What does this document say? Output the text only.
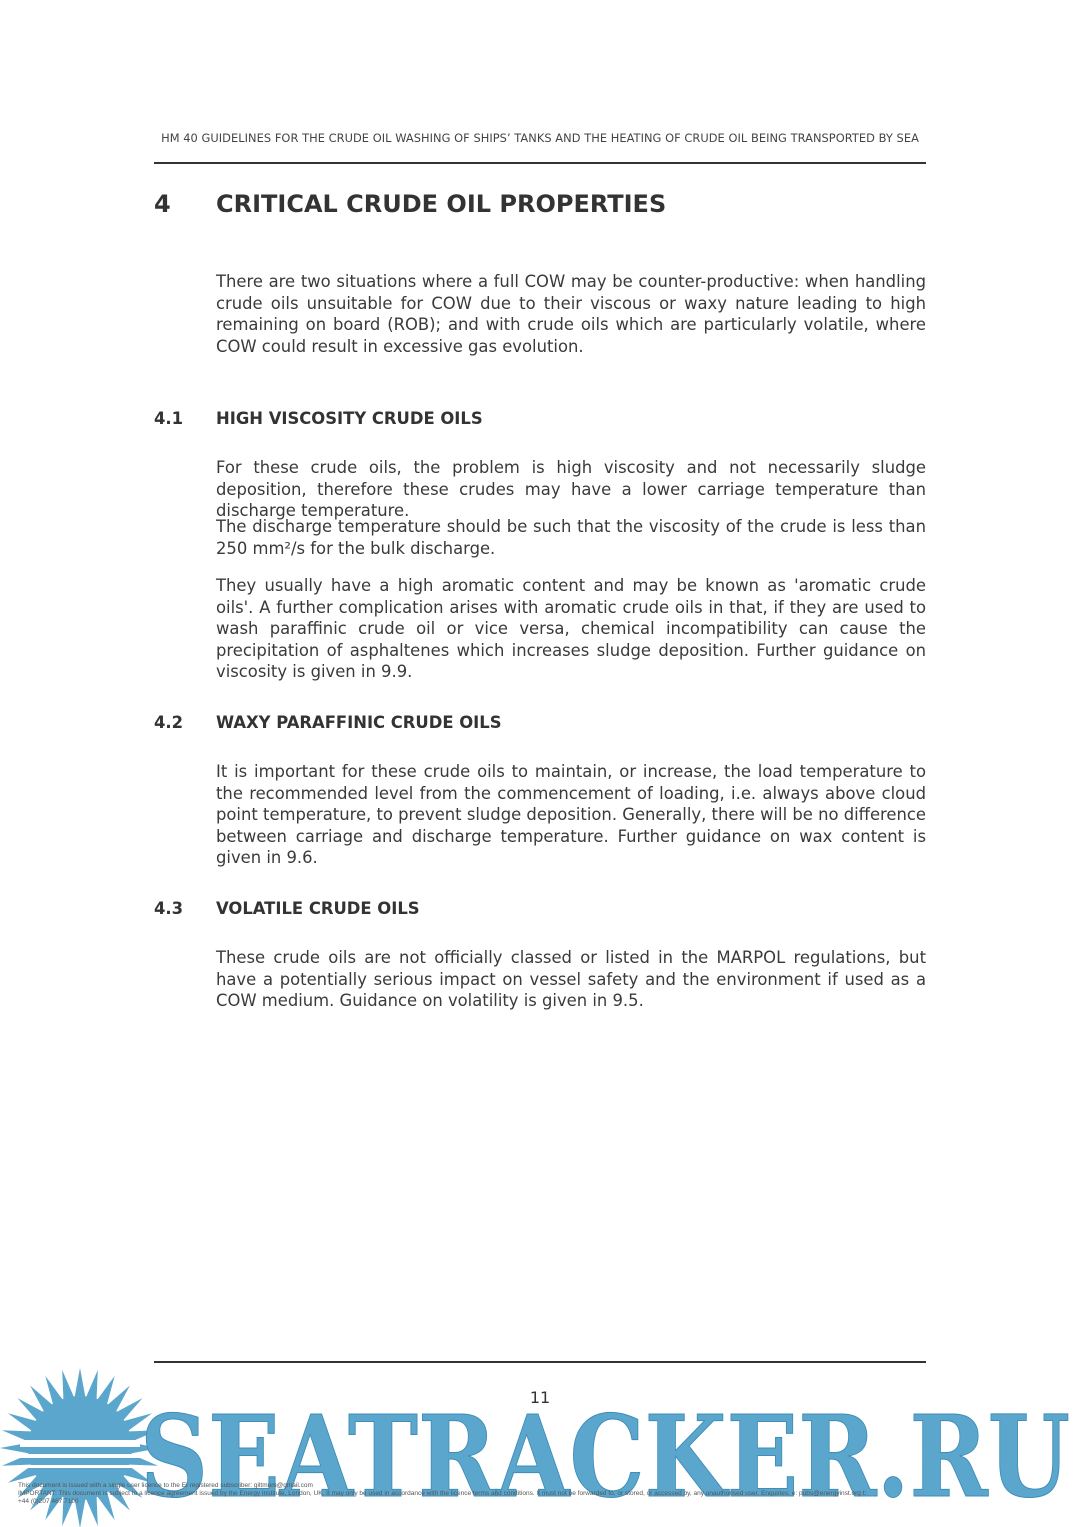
HM 40 GUIDELINES FOR THE CRUDE OIL WASHING OF SHIPS’ TANKS AND THE HEATING OF CRUDE OIL BEING TRANSPORTED BY SEA
4 CRITICAL CRUDE OIL PROPERTIES

There are two situations where a full COW may be counter-productive: when handling crude oils unsuitable for COW due to their viscous or waxy nature leading to high remaining on board (ROB); and with crude oils which are particularly volatile, where COW could result in excessive gas evolution.

4.1 HIGH VISCOSITY CRUDE OILS

For these crude oils, the problem is high viscosity and not necessarily sludge deposition, therefore these crudes may have a lower carriage temperature than discharge temperature.

The discharge temperature should be such that the viscosity of the crude is less than 250 mm²/s for the bulk discharge.

They usually have a high aromatic content and may be known as 'aromatic crude oils'. A further complication arises with aromatic crude oils in that, if they are used to wash paraffinic crude oil or vice versa, chemical incompatibility can cause the precipitation of asphaltenes which increases sludge deposition. Further guidance on viscosity is given in 9.9.

4.2 WAXY PARAFFINIC CRUDE OILS

It is important for these crude oils to maintain, or increase, the load temperature to the recommended level from the commencement of loading, i.e. always above cloud point temperature, to prevent sludge deposition. Generally, there will be no difference between carriage and discharge temperature. Further guidance on wax content is given in 9.6.

4.3 VOLATILE CRUDE OILS

These crude oils are not officially classed or listed in the MARPOL regulations, but have a potentially serious impact on vessel safety and the environment if used as a COW medium. Guidance on volatility is given in 9.5.

11
SEATRACKER.RU
This document is issued with a single user licence to the EI registered subscriber: giltmum@gmail.com
IMPORTANT: This document is subject to a licence agreement issued by the Energy Institute, London, UK. It may only be used in accordance with the licence terms and conditions. It must not be forwarded to, or stored, or accessed by, any unauthorised user. Enquiries: e: pubs@energyinst.org t:
+44 (0)207 467 7100
